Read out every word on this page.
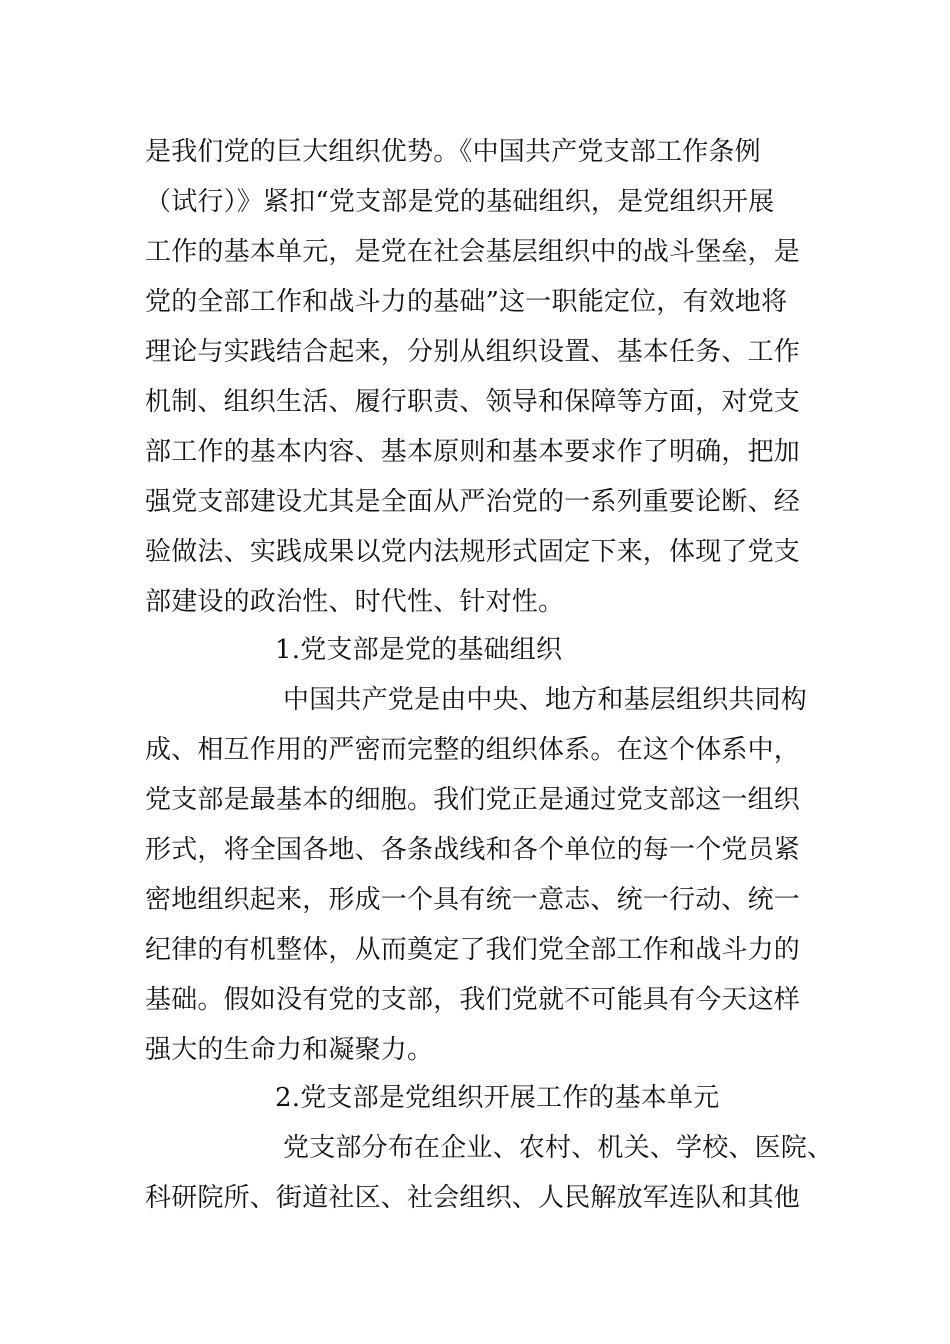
是我们党的巨大组织优势。《中国共产党支部工作条例
（试行）》紧扣“党支部是党的基础组织，是党组织开展
工作的基本单元，是党在社会基层组织中的战斗堡垒，是
党的全部工作和战斗力的基础”这一职能定位，有效地将
理论与实践结合起来，分别从组织设置、基本任务、工作
机制、组织生活、履行职责、领导和保障等方面，对党支
部工作的基本内容、基本原则和基本要求作了明确，把加
强党支部建设尤其是全面从严治党的一系列重要论断、经
验做法、实践成果以党内法规形式固定下来，体现了党支
部建设的政治性、时代性、针对性。
1.党支部是党的基础组织
中国共产党是由中央、地方和基层组织共同构
成、相互作用的严密而完整的组织体系。在这个体系中，
党支部是最基本的细胞。我们党正是通过党支部这一组织
形式，将全国各地、各条战线和各个单位的每一个党员紧
密地组织起来，形成一个具有统一意志、统一行动、统一
纪律的有机整体，从而奠定了我们党全部工作和战斗力的
基础。假如没有党的支部，我们党就不可能具有今天这样
强大的生命力和凝聚力。
2.党支部是党组织开展工作的基本单元
党支部分布在企业、农村、机关、学校、医院、
科研院所、街道社区、社会组织、人民解放军连队和其他
